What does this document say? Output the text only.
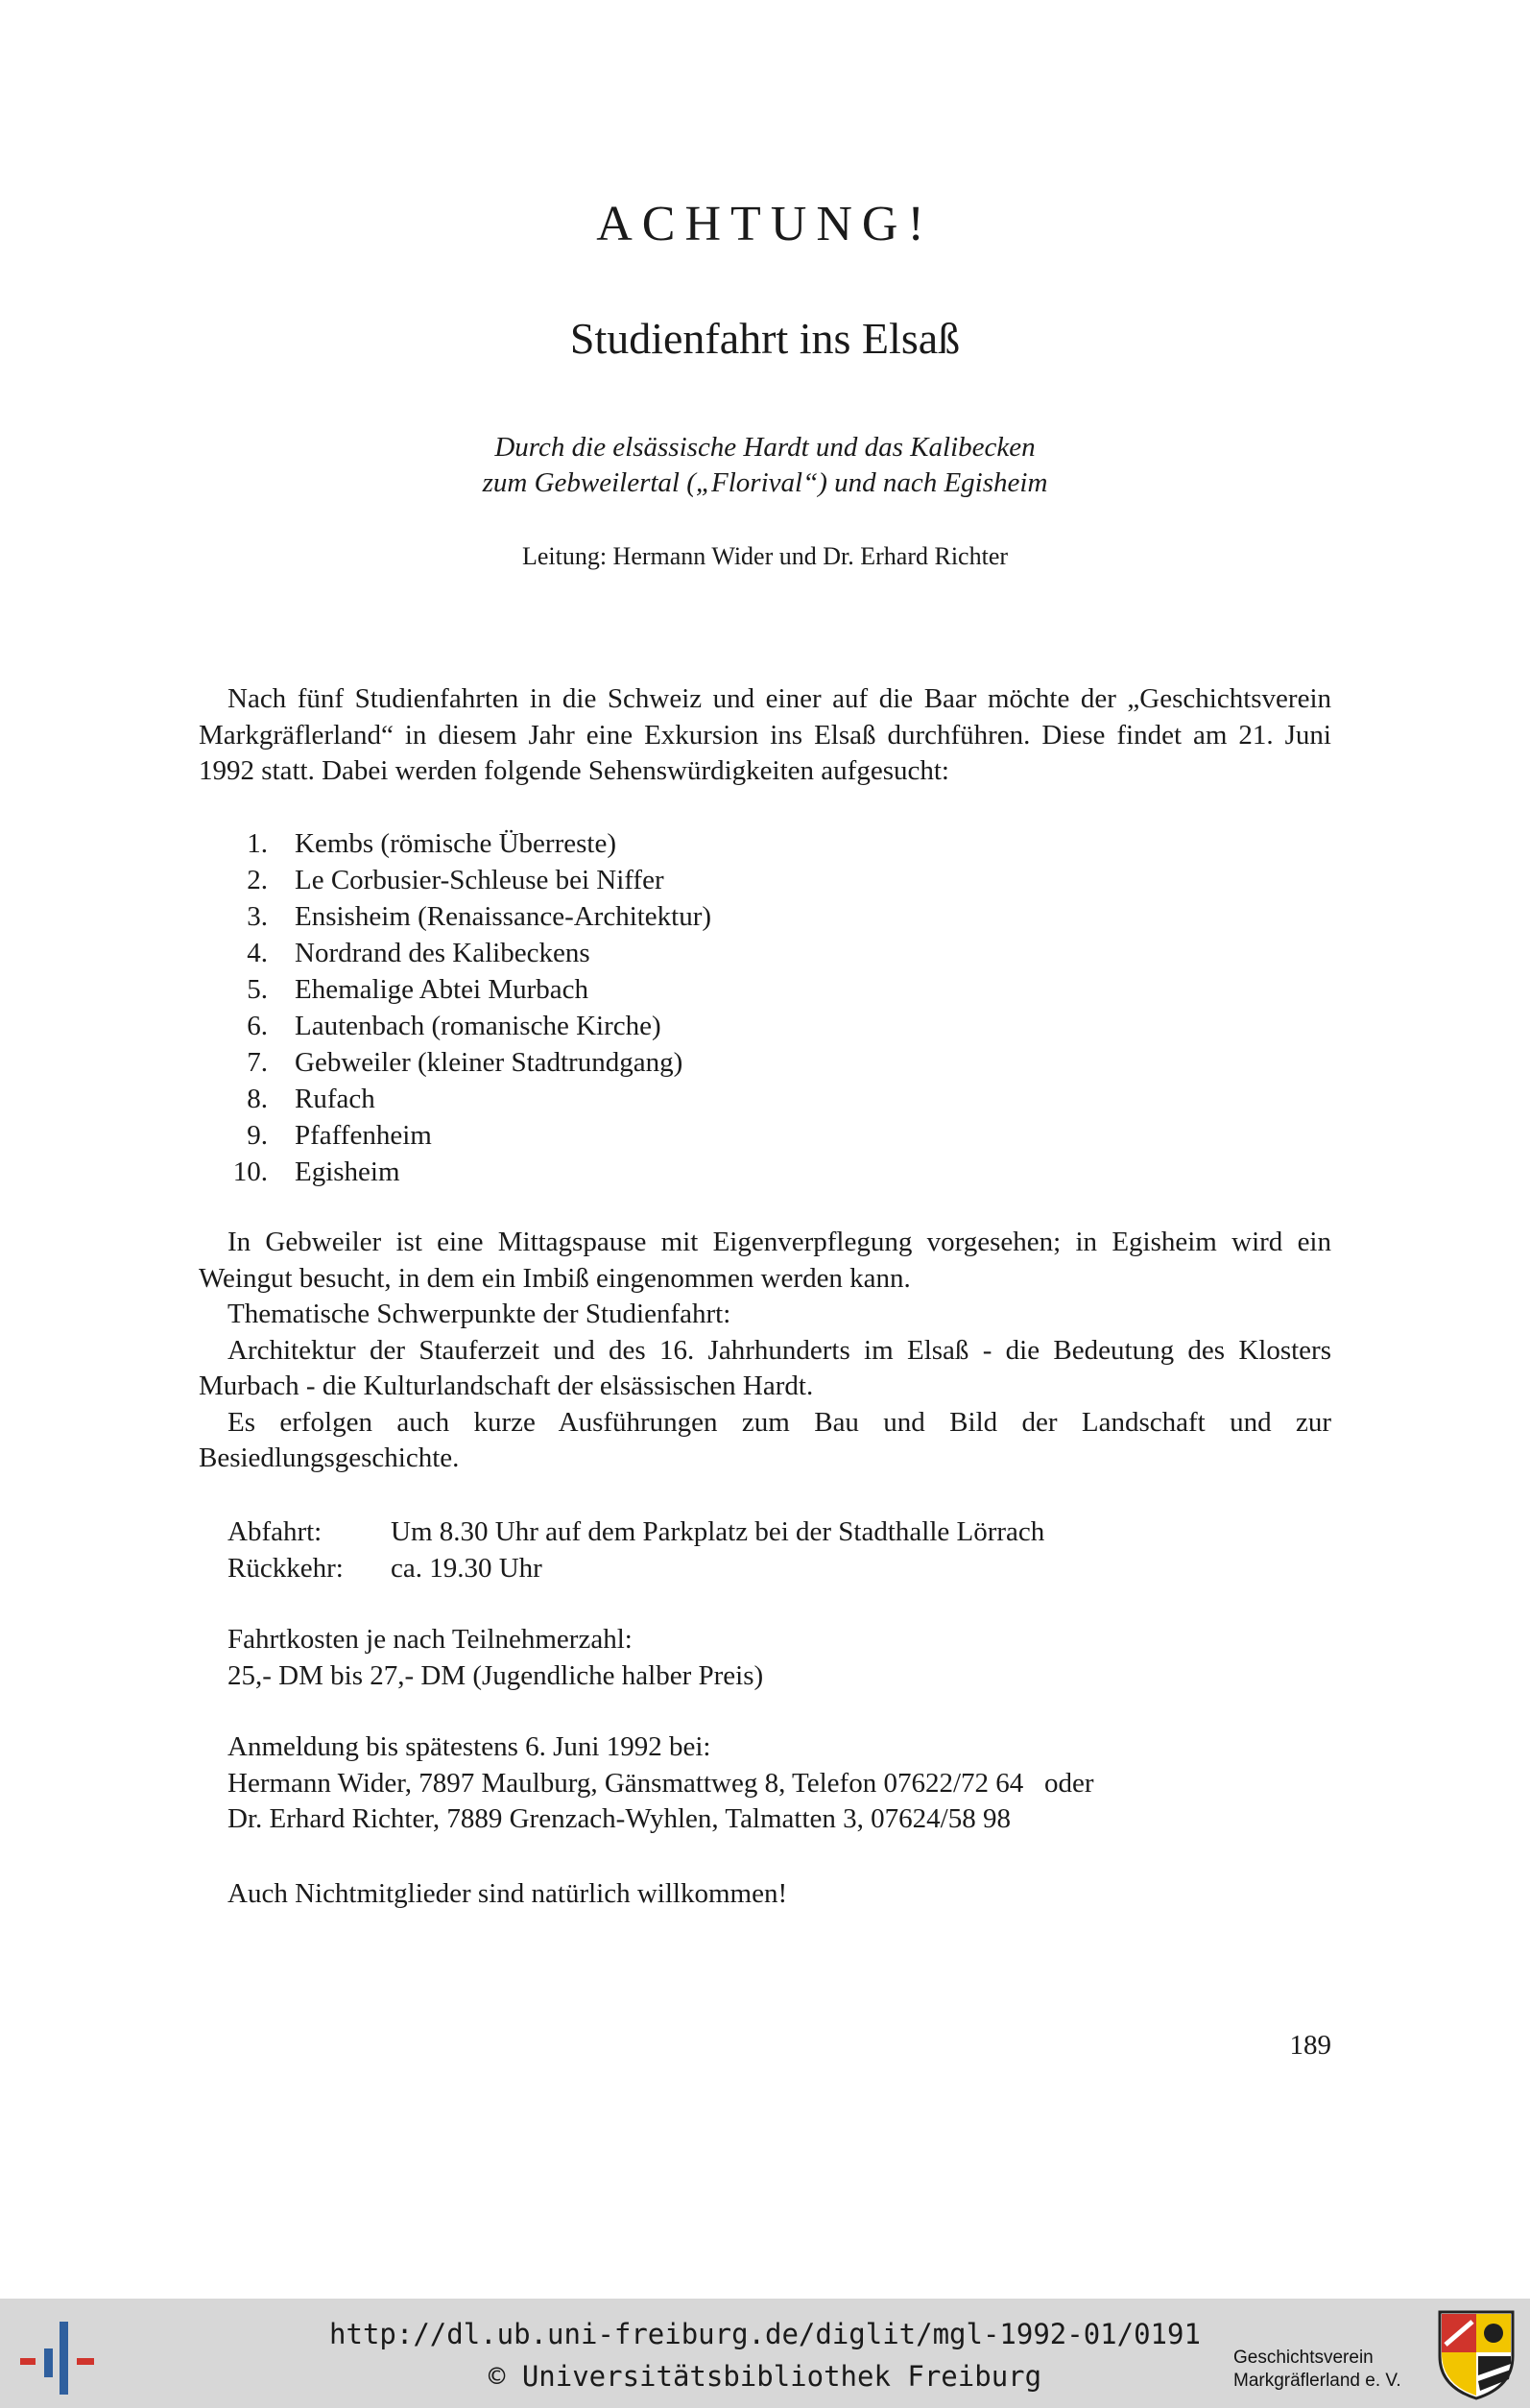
ACHTUNG!
Studienfahrt ins Elsaß
Durch die elsässische Hardt und das Kalibecken
zum Gebweilertal („Florival“) und nach Egisheim
Leitung: Hermann Wider und Dr. Erhard Richter

Nach fünf Studienfahrten in die Schweiz und einer auf die Baar möchte der „Geschichtsverein Markgräflerland“ in diesem Jahr eine Exkursion ins Elsaß durchführen. Diese findet am 21. Juni 1992 statt. Dabei werden folgende Sehenswürdigkeiten aufgesucht:

1. Kembs (römische Überreste)
2. Le Corbusier-Schleuse bei Niffer
3. Ensisheim (Renaissance-Architektur)
4. Nordrand des Kalibeckens
5. Ehemalige Abtei Murbach
6. Lautenbach (romanische Kirche)
7. Gebweiler (kleiner Stadtrundgang)
8. Rufach
9. Pfaffenheim
10. Egisheim

In Gebweiler ist eine Mittagspause mit Eigenverpflegung vorgesehen; in Egisheim wird ein Weingut besucht, in dem ein Imbiß eingenommen werden kann.

Thematische Schwerpunkte der Studienfahrt:

Architektur der Stauferzeit und des 16. Jahrhunderts im Elsaß - die Bedeutung des Klosters Murbach - die Kulturlandschaft der elsässischen Hardt.

Es erfolgen auch kurze Ausführungen zum Bau und Bild der Landschaft und zur Besiedlungsgeschichte.

Abfahrt: Um 8.30 Uhr auf dem Parkplatz bei der Stadthalle Lörrach
Rückkehr: ca. 19.30 Uhr
Fahrtkosten je nach Teilnehmerzahl:
25,- DM bis 27,- DM (Jugendliche halber Preis)
Anmeldung bis spätestens 6. Juni 1992 bei:
Hermann Wider, 7897 Maulburg, Gänsmattweg 8, Telefon 07622/72 64   oder
Dr. Erhard Richter, 7889 Grenzach-Wyhlen, Talmatten 3, 07624/58 98
Auch Nichtmitglieder sind natürlich willkommen!
189
http://dl.ub.uni-freiburg.de/diglit/mgl-1992-01/0191
© Universitätsbibliothek Freiburg
Geschichtsverein
Markgräflerland e. V.
